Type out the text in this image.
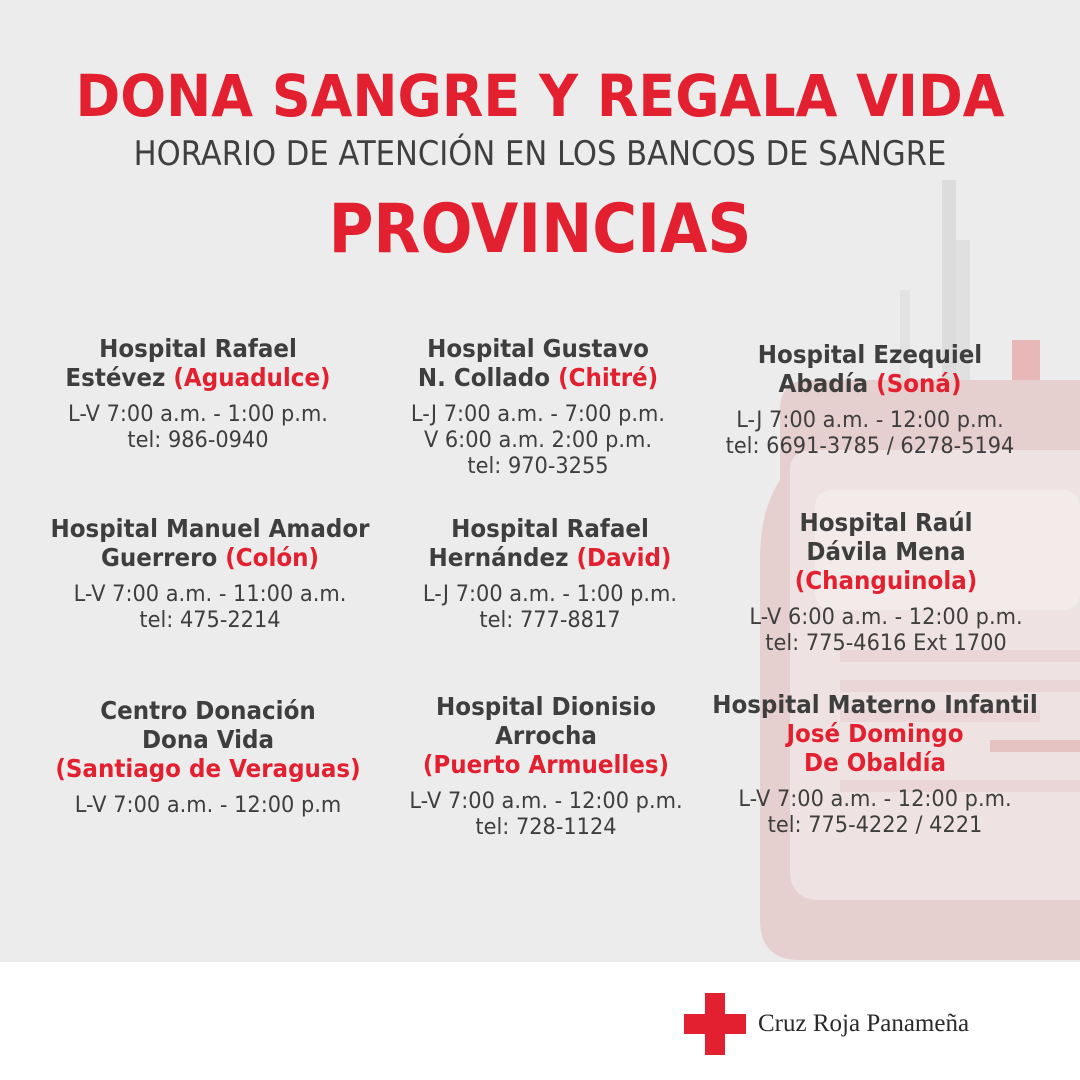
DONA SANGRE Y REGALA VIDA
HORARIO DE ATENCIÓN EN LOS BANCOS DE SANGRE
PROVINCIAS
Hospital Rafael
Estévez (Aguadulce)
L-V 7:00 a.m. - 1:00 p.m.
tel: 986-0940
Hospital Gustavo
N. Collado (Chitré)
L-J 7:00 a.m. - 7:00 p.m.
V 6:00 a.m. 2:00 p.m.
tel: 970-3255
Hospital Ezequiel
Abadía (Soná)
L-J 7:00 a.m. - 12:00 p.m.
tel: 6691-3785 / 6278-5194
Hospital Manuel Amador
Guerrero (Colón)
L-V 7:00 a.m. - 11:00 a.m.
tel: 475-2214
Hospital Rafael
Hernández (David)
L-J 7:00 a.m. - 1:00 p.m.
tel: 777-8817
Hospital Raúl
Dávila Mena
(Changuinola)
L-V 6:00 a.m. - 12:00 p.m.
tel: 775-4616 Ext 1700
Centro Donación
Dona Vida
(Santiago de Veraguas)
L-V 7:00 a.m. - 12:00 p.m
Hospital Dionisio
Arrocha
(Puerto Armuelles)
L-V 7:00 a.m. - 12:00 p.m.
tel: 728-1124
Hospital Materno Infantil
José Domingo
De Obaldía
L-V 7:00 a.m. - 12:00 p.m.
tel: 775-4222 / 4221
Cruz Roja Panameña
